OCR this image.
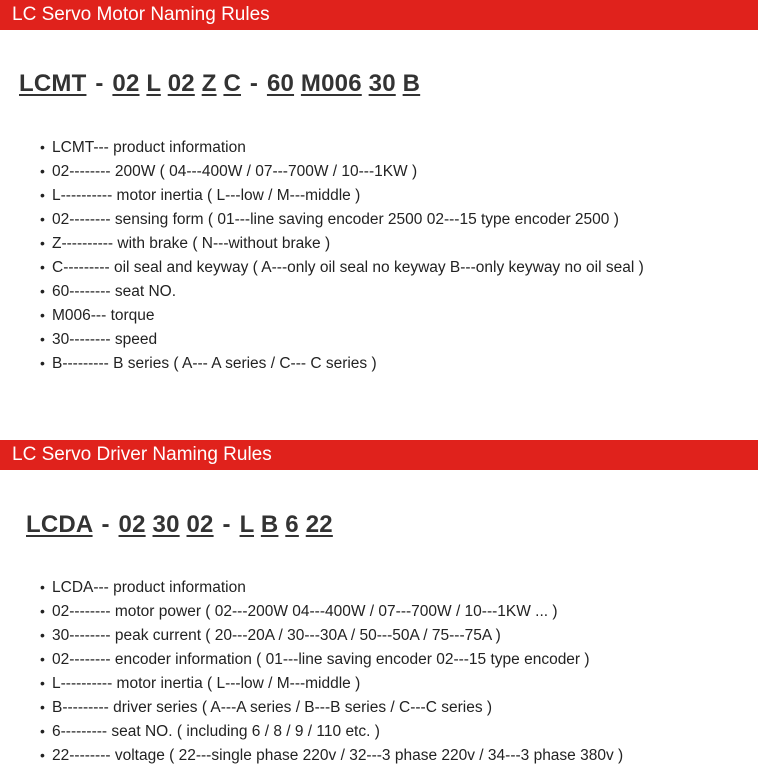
LC Servo Motor Naming Rules
LCMT - 02 L 02 Z C - 60 M006 30 B
• LCMT--- product information
• 02-------- 200W ( 04---400W / 07---700W / 10---1KW )
• L---------- motor inertia ( L---low / M---middle )
• 02-------- sensing form ( 01---line saving encoder 2500 02---15 type encoder 2500 )
• Z---------- with brake ( N---without brake )
• C--------- oil seal and keyway ( A---only oil seal no keyway B---only keyway no oil seal )
• 60-------- seat NO.
• M006--- torque
• 30-------- speed
• B--------- B series ( A--- A series / C--- C series )
LC Servo Driver Naming Rules
LCDA - 02 30 02 - L B 6 22
• LCDA--- product information
• 02-------- motor power ( 02---200W 04---400W / 07---700W / 10---1KW ... )
• 30-------- peak current ( 20---20A / 30---30A / 50---50A / 75---75A )
• 02-------- encoder information ( 01---line saving encoder 02---15 type encoder )
• L---------- motor inertia ( L---low / M---middle )
• B--------- driver series ( A---A series / B---B series / C---C series )
• 6--------- seat NO. ( including 6 / 8 / 9 / 110 etc. )
• 22-------- voltage ( 22---single phase 220v / 32---3 phase 220v / 34---3 phase 380v )
